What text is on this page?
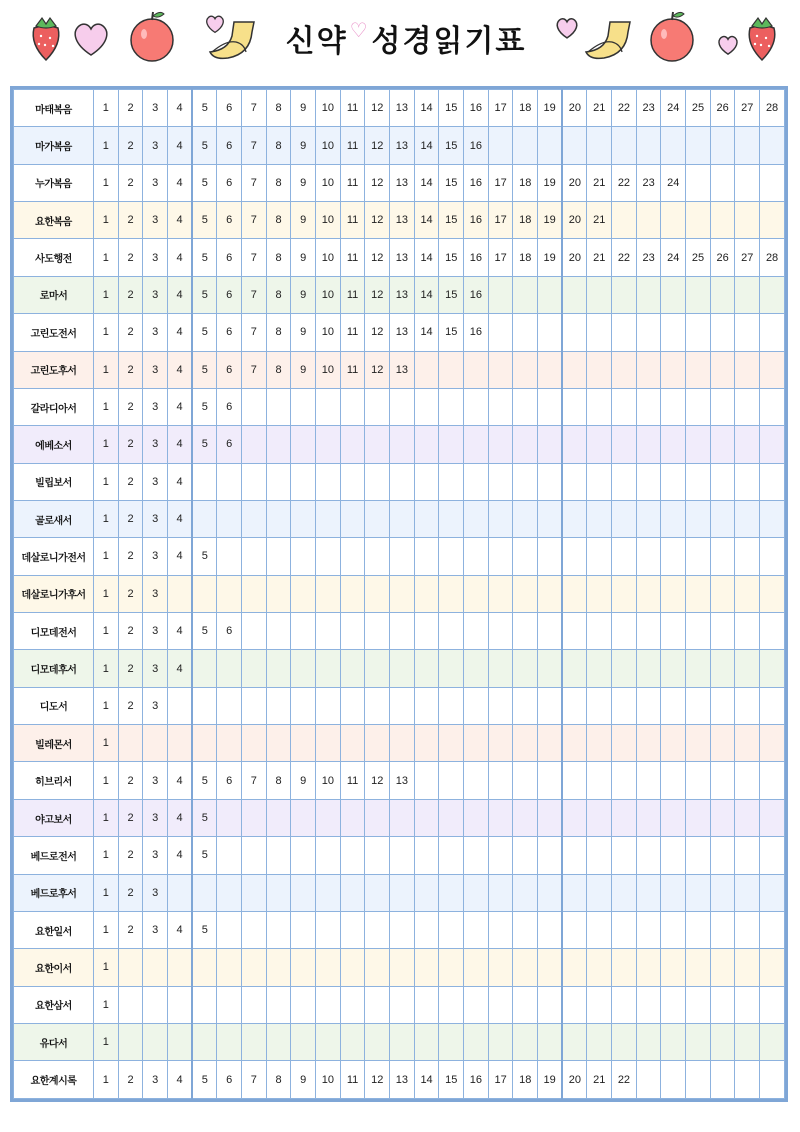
신약 ♡ 성경읽기표
마태복음	1	2	3	4	5	6	7	8	9	10	11	12	13	14	15	16	17	18	19	20	21	22	23	24	25	26	27	28
마가복음	1	2	3	4	5	6	7	8	9	10	11	12	13	14	15	16												
누가복음	1	2	3	4	5	6	7	8	9	10	11	12	13	14	15	16	17	18	19	20	21	22	23	24				
요한복음	1	2	3	4	5	6	7	8	9	10	11	12	13	14	15	16	17	18	19	20	21							
사도행전	1	2	3	4	5	6	7	8	9	10	11	12	13	14	15	16	17	18	19	20	21	22	23	24	25	26	27	28
로마서	1	2	3	4	5	6	7	8	9	10	11	12	13	14	15	16												
고린도전서	1	2	3	4	5	6	7	8	9	10	11	12	13	14	15	16												
고린도후서	1	2	3	4	5	6	7	8	9	10	11	12	13															
갈라디아서	1	2	3	4	5	6																						
에베소서	1	2	3	4	5	6																						
빌립보서	1	2	3	4																								
골로새서	1	2	3	4																								
데살로니가전서	1	2	3	4	5																							
데살로니가후서	1	2	3																									
디모데전서	1	2	3	4	5	6																						
디모데후서	1	2	3	4																								
디도서	1	2	3																									
빌레몬서	1																											
히브리서	1	2	3	4	5	6	7	8	9	10	11	12	13															
야고보서	1	2	3	4	5																							
베드로전서	1	2	3	4	5																							
베드로후서	1	2	3																									
요한일서	1	2	3	4	5																							
요한이서	1																											
요한삼서	1																											
유다서	1																											
요한계시록	1	2	3	4	5	6	7	8	9	10	11	12	13	14	15	16	17	18	19	20	21	22						
